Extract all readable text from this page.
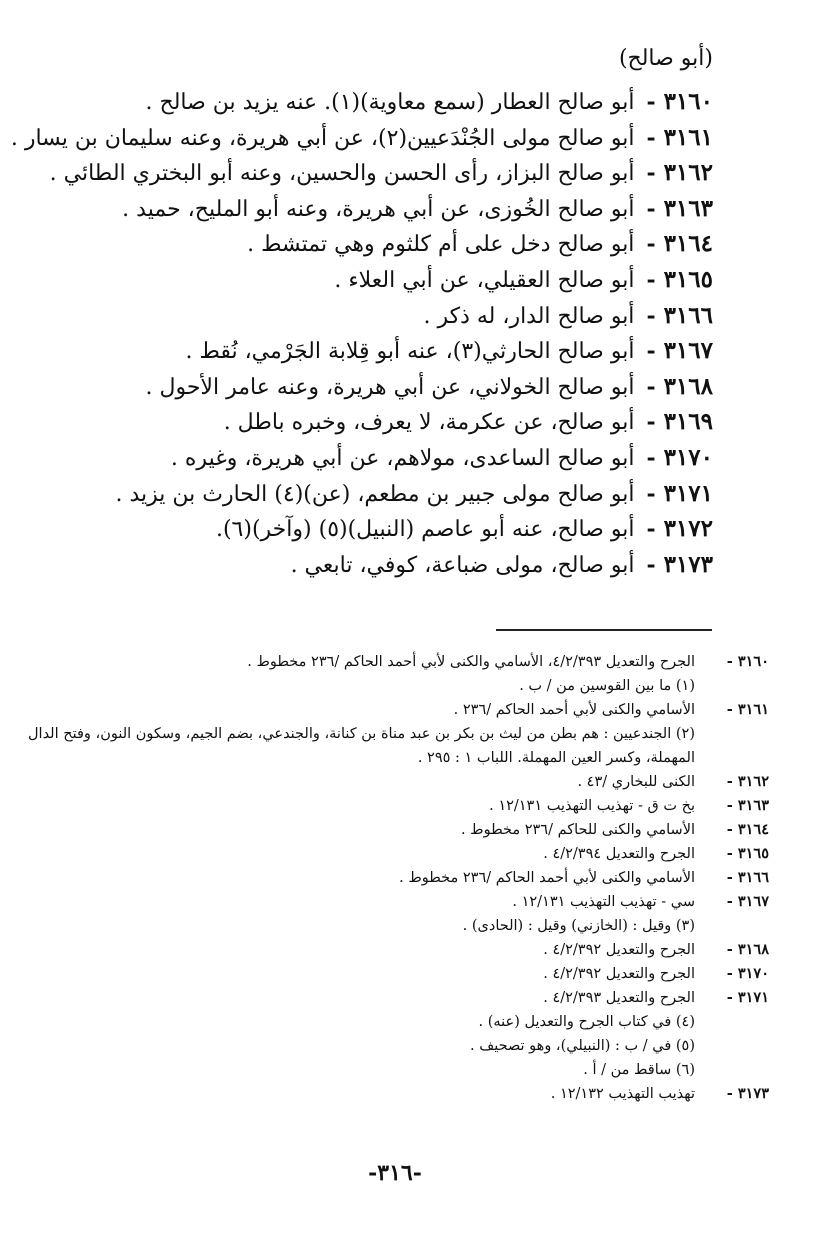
(أبو صالح)
٣١٦٠
-
أبو صالح العطار (سمع معاوية)(١). عنه يزيد بن صالح .
٣١٦١
-
أبو صالح مولى الجُنْدَعيين(٢)، عن أبي هريرة، وعنه سليمان بن يسار .
٣١٦٢
-
أبو صالح البزاز، رأى الحسن والحسين، وعنه أبو البختري الطائي .
٣١٦٣
-
أبو صالح الخُوزى، عن أبي هريرة، وعنه أبو المليح، حميد .
٣١٦٤
-
أبو صالح دخل على أم كلثوم وهي تمتشط .
٣١٦٥
-
أبو صالح العقيلي، عن أبي العلاء .
٣١٦٦
-
أبو صالح الدار، له ذكر .
٣١٦٧
-
أبو صالح الحارثي(٣)، عنه أبو قِلابة الجَرْمي، نُقط .
٣١٦٨
-
أبو صالح الخولاني، عن أبي هريرة، وعنه عامر الأحول .
٣١٦٩
-
أبو صالح، عن عكرمة، لا يعرف، وخبره باطل .
٣١٧٠
-
أبو صالح الساعدى، مولاهم، عن أبي هريرة، وغيره .
٣١٧١
-
أبو صالح مولى جبير بن مطعم، (عن)(٤) الحارث بن يزيد .
٣١٧٢
-
أبو صالح، عنه أبو عاصم (النبيل)(٥) (وآخر)(٦).
٣١٧٣
-
أبو صالح، مولى ضباعة، كوفي، تابعي .
٣١٦٠ -
الجرح والتعديل ٤/٢/٣٩٣، الأسامي والكنى لأبي أحمد الحاكم /٢٣٦ مخطوط .
(١) ما بين القوسين من / ب .
٣١٦١ -
الأسامي والكنى لأبي أحمد الحاكم /٢٣٦ .
(٢) الجندعيين : هم بطن من ليث بن بكر بن عبد مناة بن كنانة، والجندعي، بضم الجيم، وسكون النون، وفتح الدال المهملة، وكسر العين المهملة. اللباب ١ : ٢٩٥ .
٣١٦٢ -
الكنى للبخاري /٤٣ .
٣١٦٣ -
بخ ت ق - تهذيب التهذيب ١٢/١٣١ .
٣١٦٤ -
الأسامي والكنى للحاكم /٢٣٦ مخطوط .
٣١٦٥ -
الجرح والتعديل ٤/٢/٣٩٤ .
٣١٦٦ -
الأسامي والكنى لأبي أحمد الحاكم /٢٣٦ مخطوط .
٣١٦٧ -
سي - تهذيب التهذيب ١٢/١٣١ .
(٣) وقيل : (الخازني) وقيل : (الحادى) .
٣١٦٨ -
الجرح والتعديل ٤/٢/٣٩٢ .
٣١٧٠ -
الجرح والتعديل ٤/٢/٣٩٢ .
٣١٧١ -
الجرح والتعديل ٤/٢/٣٩٣ .
(٤) في كتاب الجرح والتعديل (عنه) .
(٥) في / ب : (النبيلي)، وهو تصحيف .
(٦) ساقط من / أ .
٣١٧٣ -
تهذيب التهذيب ١٢/١٣٢ .
-٣١٦-
